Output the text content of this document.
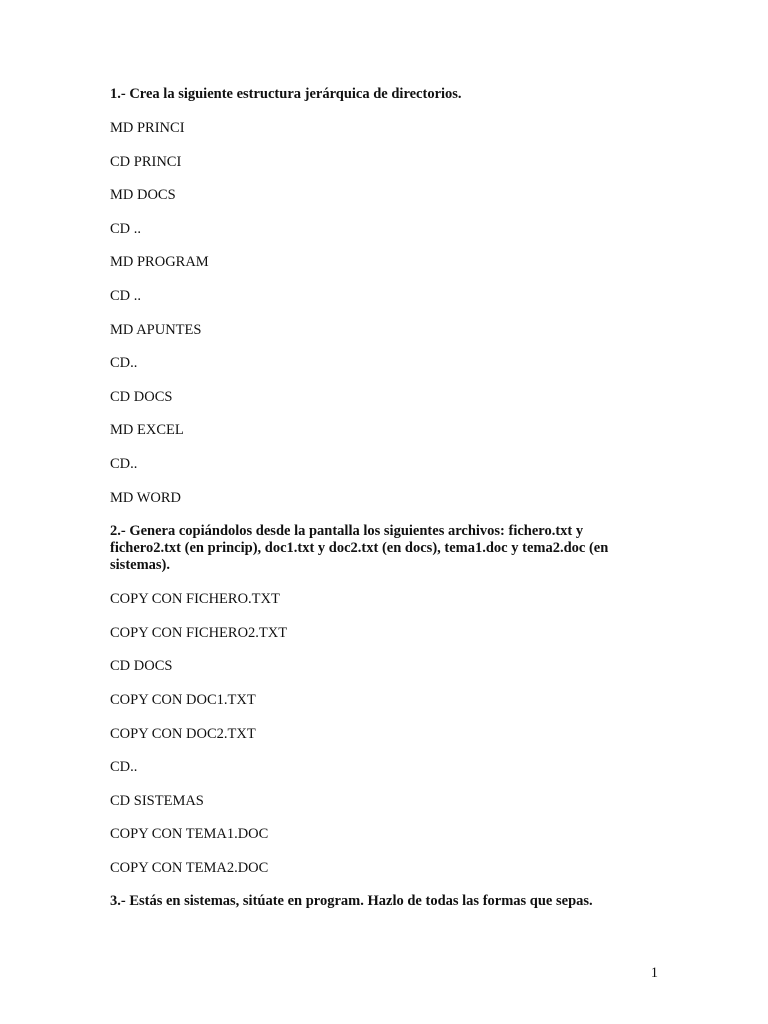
1.- Crea la siguiente estructura jerárquica de directorios.

MD PRINCI

CD PRINCI

MD DOCS

CD ..

MD PROGRAM

CD ..

MD APUNTES

CD..

CD DOCS

MD EXCEL

CD..

MD WORD

2.- Genera copiándolos desde la pantalla los siguientes archivos: fichero.txt y fichero2.txt (en princip), doc1.txt y doc2.txt (en docs), tema1.doc y tema2.doc (en sistemas).

COPY CON FICHERO.TXT

COPY CON FICHERO2.TXT

CD DOCS

COPY CON DOC1.TXT

COPY CON DOC2.TXT

CD..

CD SISTEMAS

COPY CON TEMA1.DOC

COPY CON TEMA2.DOC

3.- Estás en sistemas, sitúate en program. Hazlo de todas las formas que sepas.

1
